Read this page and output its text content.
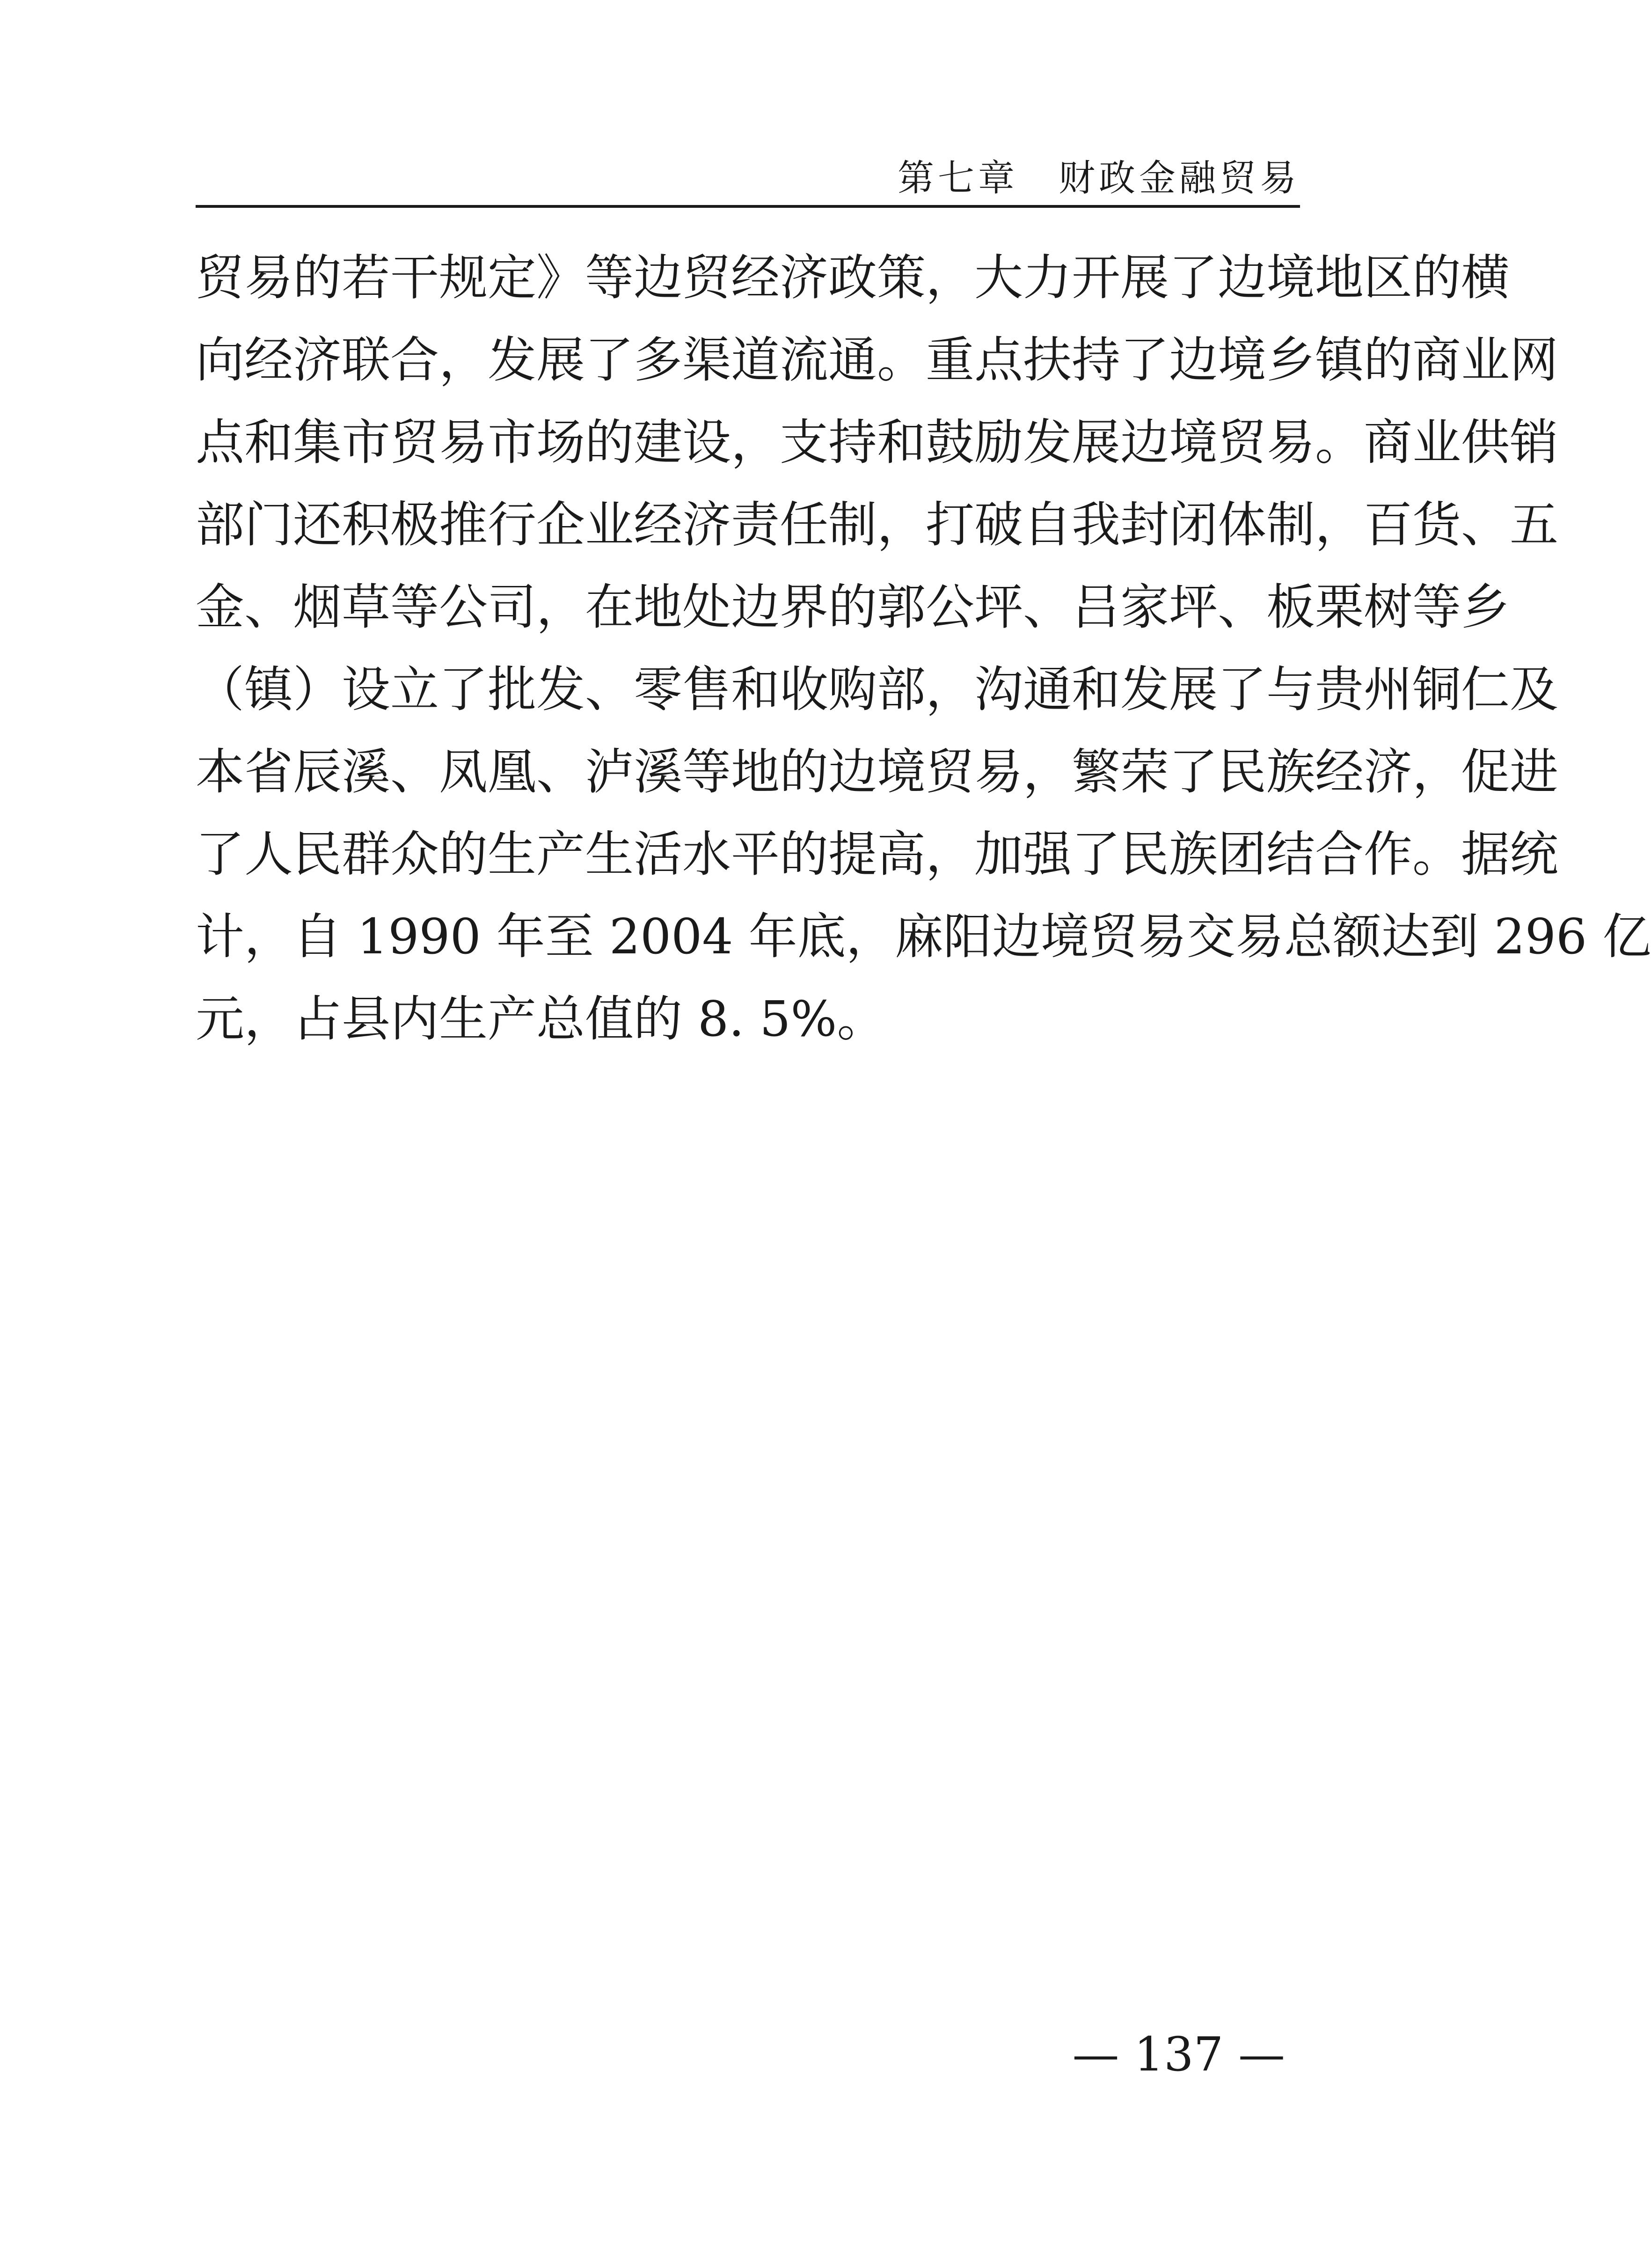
第七章　财政金融贸易
贸易的若干规定》等边贸经济政策，大力开展了边境地区的横
向经济联合，发展了多渠道流通。重点扶持了边境乡镇的商业网
点和集市贸易市场的建设，支持和鼓励发展边境贸易。商业供销
部门还积极推行企业经济责任制，打破自我封闭体制，百货、五
金、烟草等公司，在地处边界的郭公坪、吕家坪、板栗树等乡
（镇）设立了批发、零售和收购部，沟通和发展了与贵州铜仁及
本省辰溪、凤凰、泸溪等地的边境贸易，繁荣了民族经济，促进
了人民群众的生产生活水平的提高，加强了民族团结合作。据统
计，自 1990 年至 2004 年底，麻阳边境贸易交易总额达到 296 亿
元，占县内生产总值的 8. 5%。
— 137 —
